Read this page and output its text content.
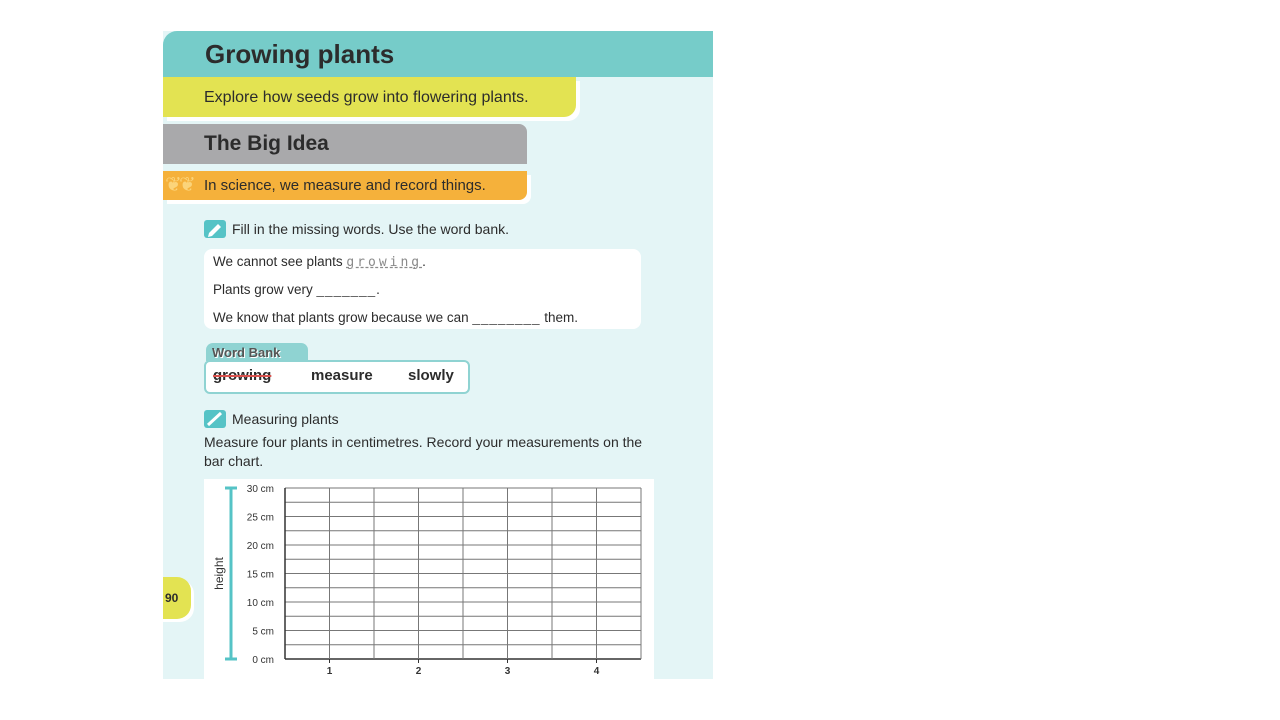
Growing plants
Explore how seeds grow into flowering plants.
The Big Idea
❦
❦ In science, we measure and record things.
Fill in the missing words. Use the word bank.
We cannot see plants growing.
Plants grow very _______.
We know that plants grow because we can ________ them.
Word Bank
growing	measure slowly
Measuring plants
Measure four plants in centimetres. Record your measurements on the bar chart.
0 cm
5 cm
10 cm
15 cm
20 cm
25 cm
30 cm
1	2	3	4
height
90
